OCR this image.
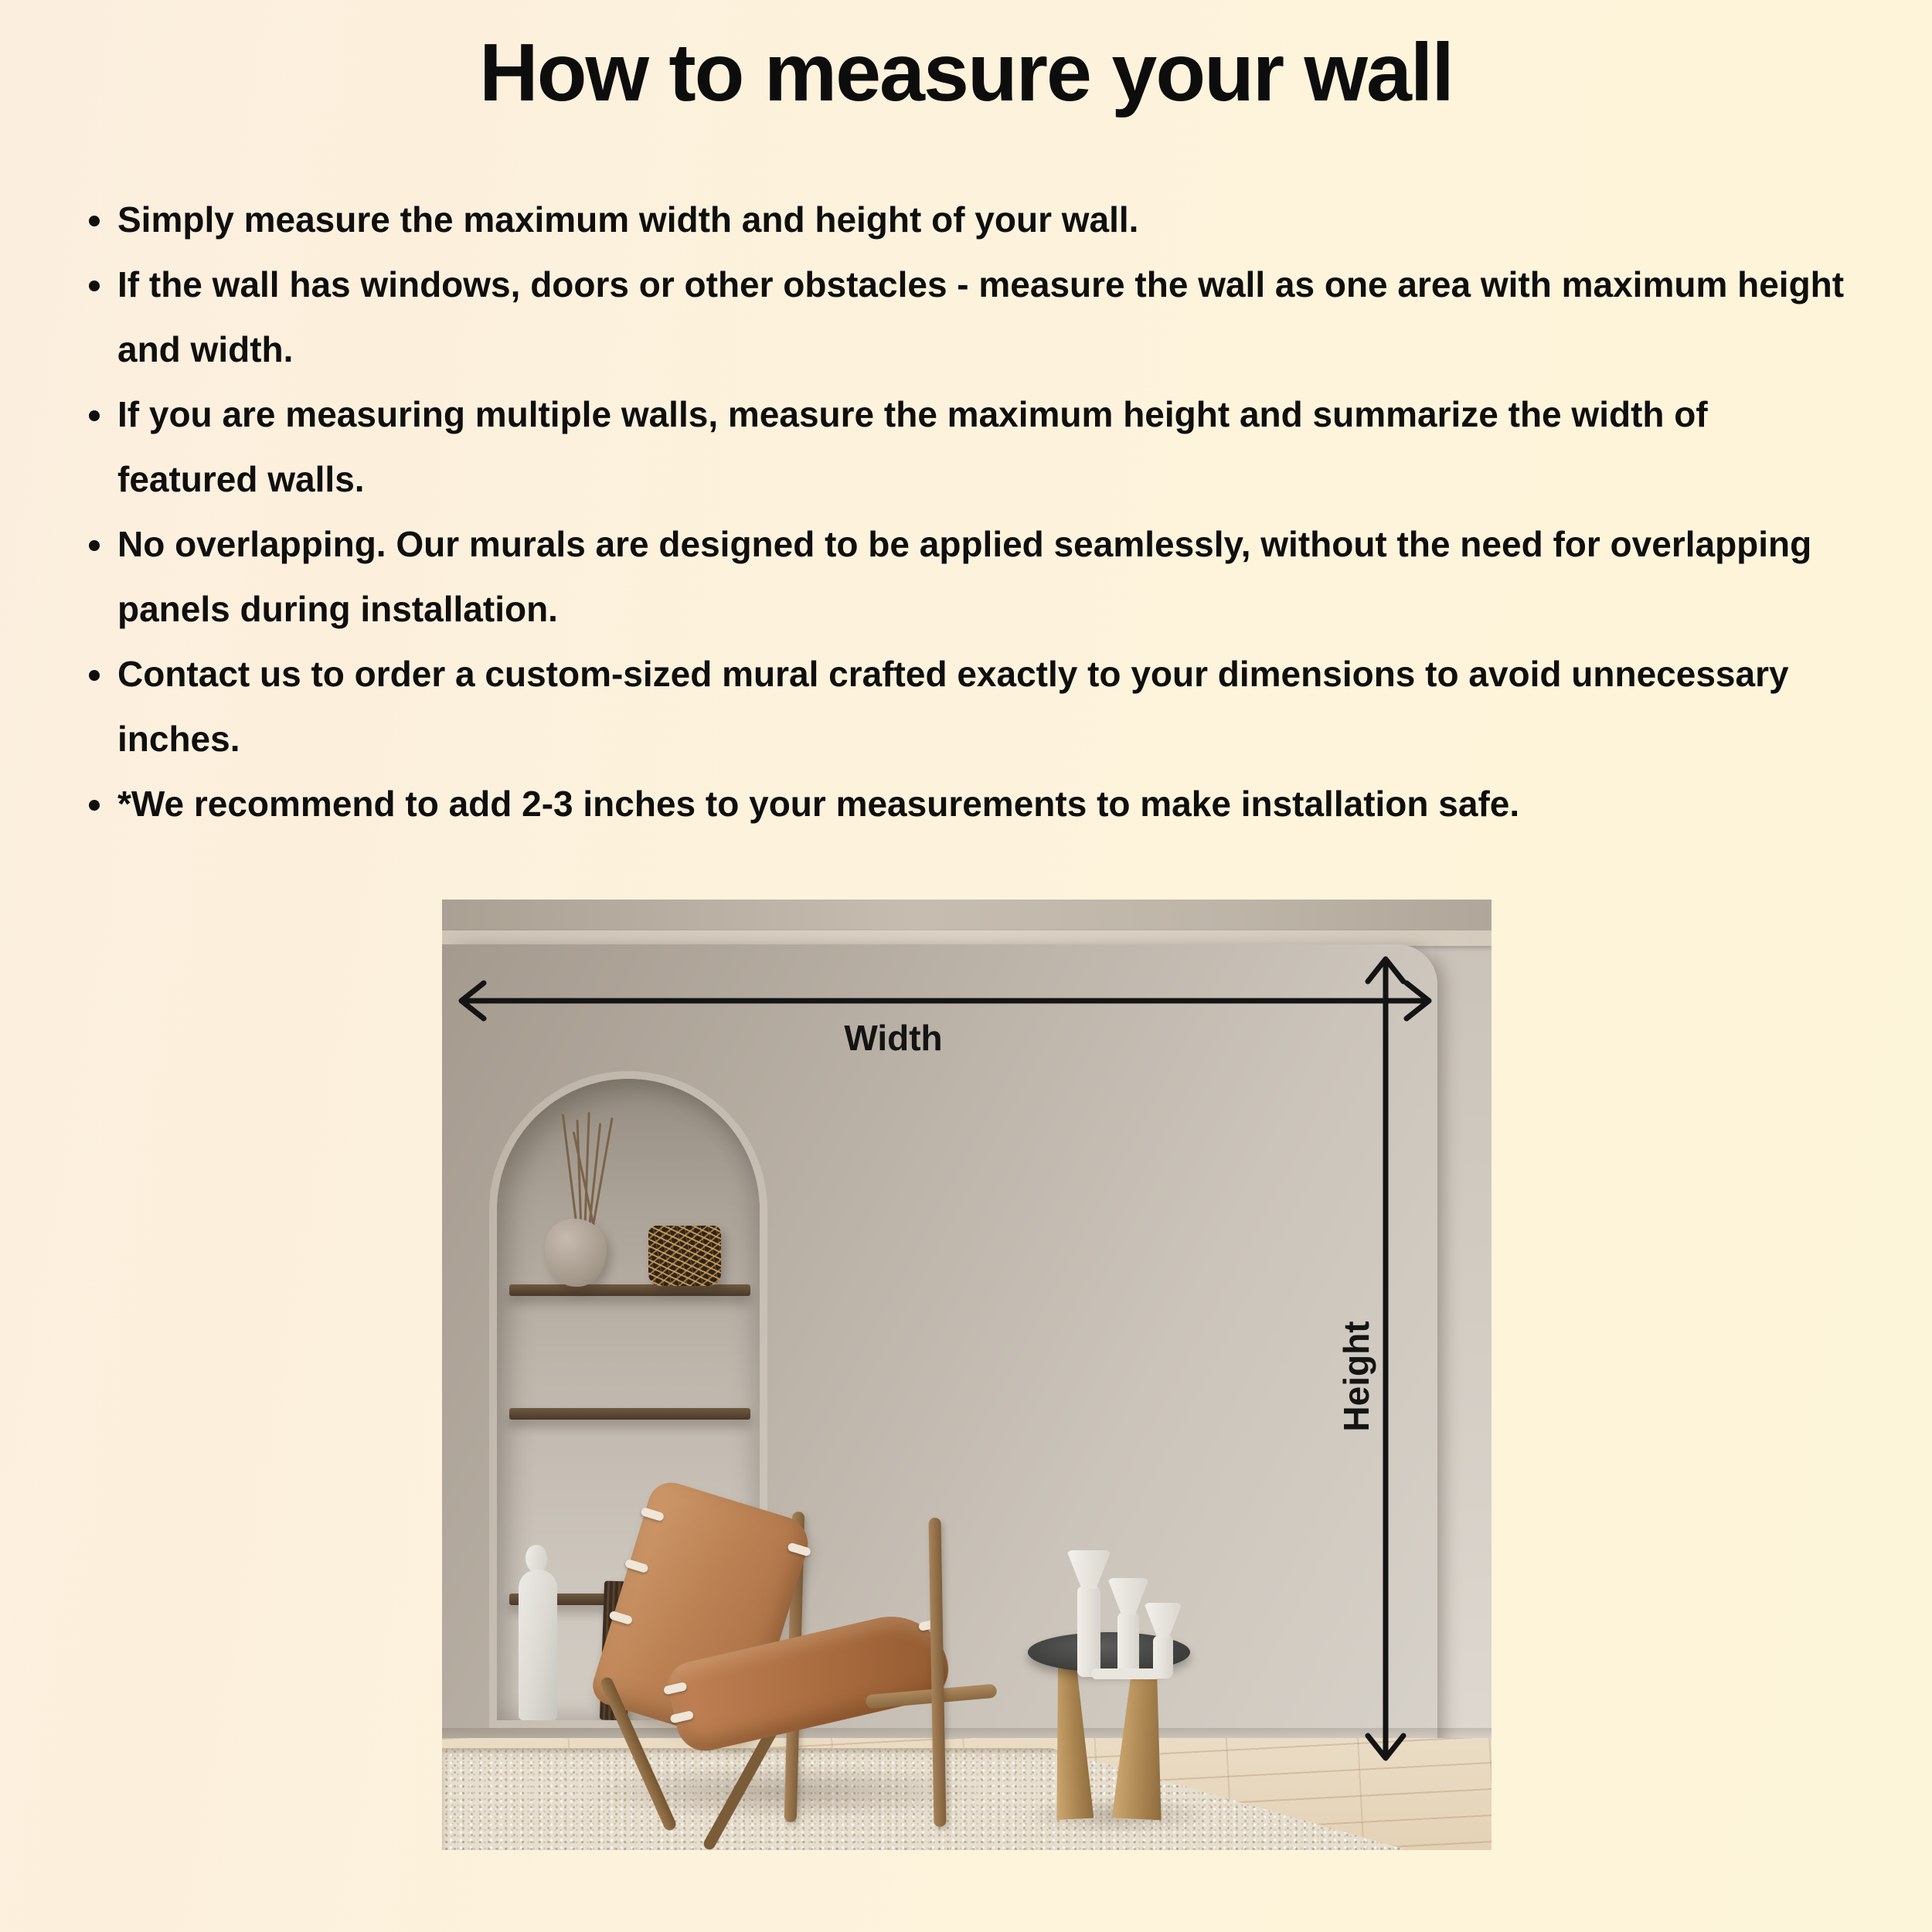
How to measure your wall
• Simply measure the maximum width and height of your wall.
• If the wall has windows, doors or other obstacles - measure the wall as one area with maximum height and width.
• If you are measuring multiple walls, measure the maximum height and summarize the width of featured walls.
• No overlapping. Our murals are designed to be applied seamlessly, without the need for overlapping panels during installation.
• Contact us to order a custom-sized mural crafted exactly to your dimensions to avoid unnecessary inches.
• *We recommend to add 2-3 inches to your measurements to make installation safe.
Width
Height
